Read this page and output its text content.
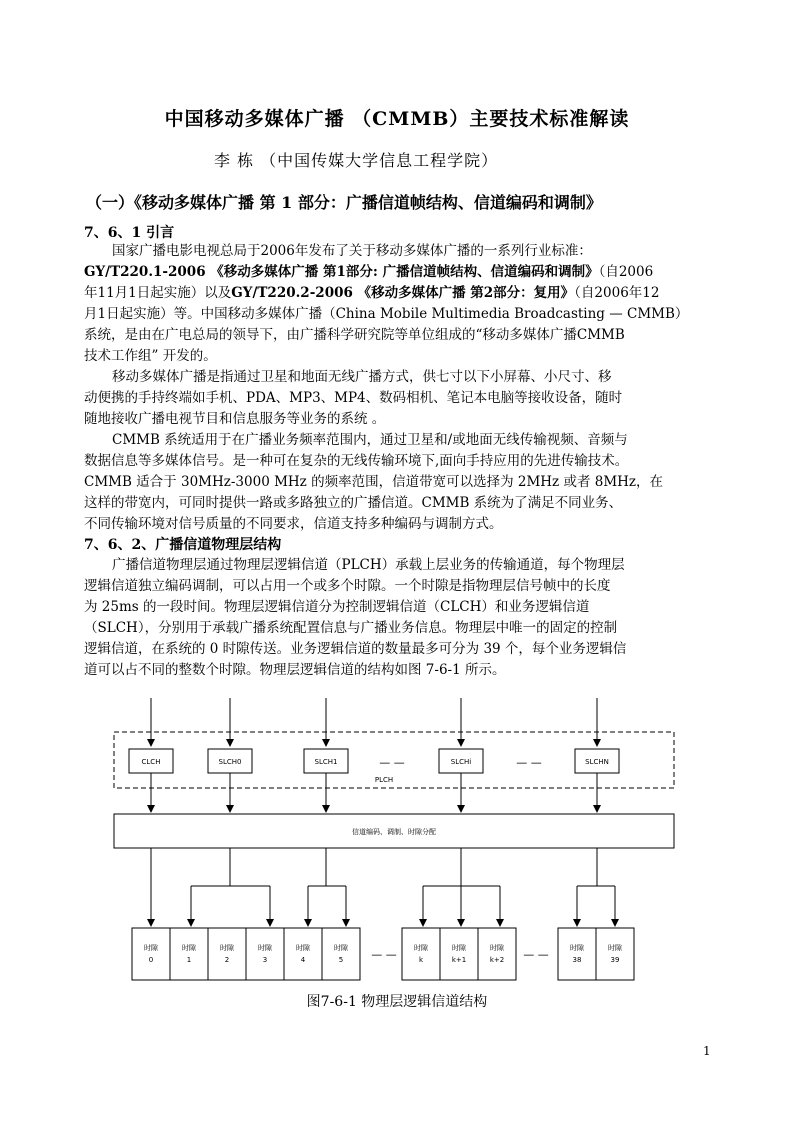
中国移动多媒体广播 （CMMB）主要技术标准解读
李 栋 （中国传媒大学信息工程学院）
（一）《移动多媒体广播 第 1 部分：广播信道帧结构、信道编码和调制》
7、6、1 引言
国家广播电影电视总局于2006年发布了关于移动多媒体广播的一系列行业标准：
GY/T220.1-2006 《移动多媒体广播 第1部分: 广播信道帧结构、信道编码和调制》（自2006
年11月1日起实施）以及GY/T220.2-2006 《移动多媒体广播 第2部分：复用》（自2006年12
月1日起实施）等。中国移动多媒体广播（China Mobile Multimedia Broadcasting — CMMB）
系统，是由在广电总局的领导下，由广播科学研究院等单位组成的“移动多媒体广播CMMB
技术工作组” 开发的。
移动多媒体广播是指通过卫星和地面无线广播方式，供七寸以下小屏幕、小尺寸、移
动便携的手持终端如手机、PDA、MP3、MP4、数码相机、笔记本电脑等接收设备，随时
随地接收广播电视节目和信息服务等业务的系统 。
CMMB 系统适用于在广播业务频率范围内，通过卫星和/或地面无线传输视频、音频与
数据信息等多媒体信号。是一种可在复杂的无线传输环境下,面向手持应用的先进传输技术。
CMMB 适合于 30MHz-3000 MHz 的频率范围，信道带宽可以选择为 2MHz 或者 8MHz，在
这样的带宽内，可同时提供一路或多路独立的广播信道。CMMB 系统为了满足不同业务、
不同传输环境对信号质量的不同要求，信道支持多种编码与调制方式。
7、6、2、广播信道物理层结构
广播信道物理层通过物理层逻辑信道（PLCH）承载上层业务的传输通道，每个物理层
逻辑信道独立编码调制，可以占用一个或多个时隙。一个时隙是指物理层信号帧中的长度
为 25ms 的一段时间。物理层逻辑信道分为控制逻辑信道（CLCH）和业务逻辑信道
（SLCH），分别用于承载广播系统配置信息与广播业务信息。物理层中唯一的固定的控制
逻辑信道，在系统的 0 时隙传送。业务逻辑信道的数量最多可分为 39 个，每个业务逻辑信
道可以占不同的整数个时隙。物理层逻辑信道的结构如图 7-6-1 所示。
PLCH
CLCH	SLCH0	SLCH1	— —	SLCHi	— —	SLCHN
信道编码、调制、时隙分配
— —	— —
时隙
0
时隙
1
时隙
2
时隙
3
时隙
4
时隙
5
时隙
k
时隙
k+1
时隙
k+2
时隙
38
时隙
39
图7-6-1 物理层逻辑信道结构
1
